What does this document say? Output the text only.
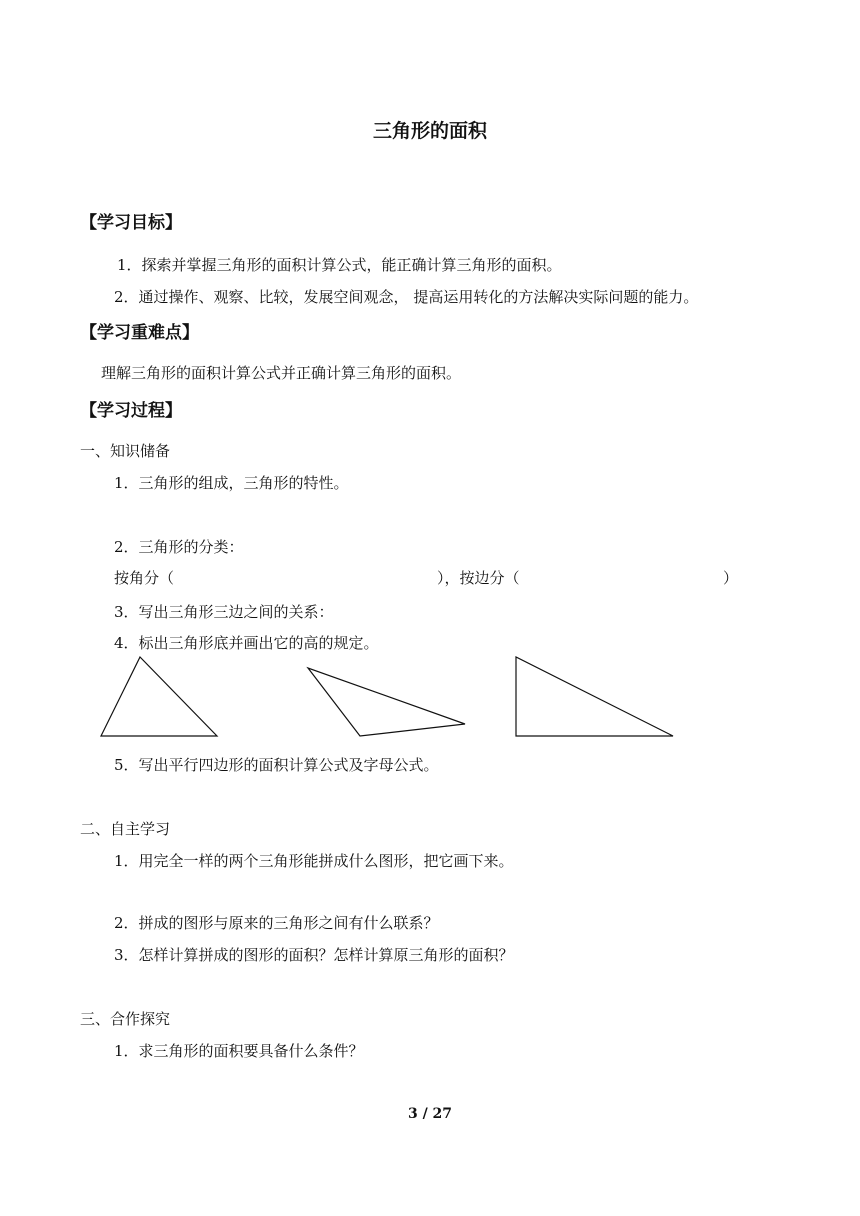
三角形的面积
【学习目标】
1．探索并掌握三角形的面积计算公式，能正确计算三角形的面积。
2．通过操作、观察、比较，发展空间观念， 提高运用转化的方法解决实际问题的能力。
【学习重难点】
理解三角形的面积计算公式并正确计算三角形的面积。
【学习过程】
一、知识储备
1．三角形的组成，三角形的特性。
2．三角形的分类：
按角分（	），按边分（	）
3．写出三角形三边之间的关系：
4．标出三角形底并画出它的高的规定。
5．写出平行四边形的面积计算公式及字母公式。
二、自主学习
1．用完全一样的两个三角形能拼成什么图形，把它画下来。
2．拼成的图形与原来的三角形之间有什么联系？
3．怎样计算拼成的图形的面积？怎样计算原三角形的面积？
三、合作探究
1．求三角形的面积要具备什么条件？
3 / 27
